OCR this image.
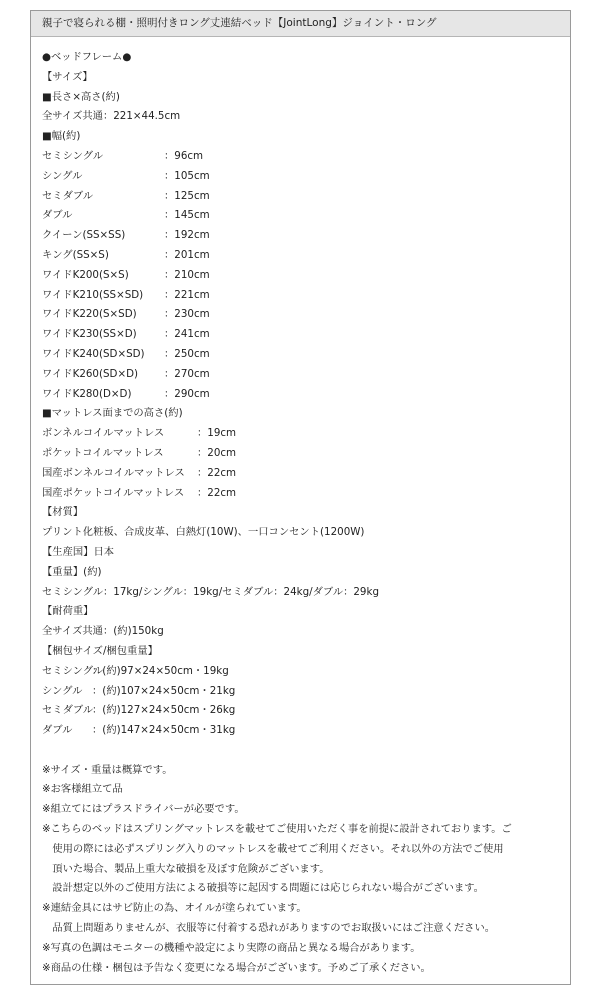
親子で寝られる棚・照明付きロング丈連結ベッド【JointLong】ジョイント・ロング
●ベッドフレーム●
【サイズ】
■長さ×高さ(約)
全サイズ共通：221×44.5cm
■幅(約)
セミシングル	：96cm
シングル	：105cm
セミダブル	：125cm
ダブル	：145cm
クイーン(SS×SS)	：192cm
キング(SS×S)	：201cm
ワイドK200(S×S)	：210cm
ワイドK210(SS×SD) ：221cm
ワイドK220(S×SD)	：230cm
ワイドK230(SS×D)	：241cm
ワイドK240(SD×SD) ：250cm
ワイドK260(SD×D)	：270cm
ワイドK280(D×D)	：290cm
■マットレス面までの高さ(約)
ボンネルコイルマットレス	：19cm
ポケットコイルマットレス	：20cm
国産ボンネルコイルマットレス ：22cm
国産ポケットコイルマットレス ：22cm
【材質】
プリント化粧板、合成皮革、白熱灯(10W)、一口コンセント(1200W)
【生産国】日本
【重量】(約)
セミシングル：17kg/シングル：19kg/セミダブル：24kg/ダブル：29kg
【耐荷重】
全サイズ共通：(約)150kg
【梱包サイズ/梱包重量】
セミシングル：(約)97×24×50cm・19kg
シングル ：(約)107×24×50cm・21kg
セミダブル：(約)127×24×50cm・26kg
ダブル ：(約)147×24×50cm・31kg
※サイズ・重量は概算です。
※お客様組立て品
※組立てにはプラスドライバーが必要です。
※こちらのベッドはスプリングマットレスを載せてご使用いただく事を前提に設計されております。ご
　使用の際には必ずスプリング入りのマットレスを載せてご利用ください。それ以外の方法でご使用
　頂いた場合、製品上重大な破損を及ぼす危険がございます。
　設計想定以外のご使用方法による破損等に起因する問題には応じられない場合がございます。
※連結金具にはサビ防止の為、オイルが塗られています。
　品質上問題ありませんが、衣服等に付着する恐れがありますのでお取扱いにはご注意ください。
※写真の色調はモニターの機種や設定により実際の商品と異なる場合があります。
※商品の仕様・梱包は予告なく変更になる場合がございます。予めご了承ください。
